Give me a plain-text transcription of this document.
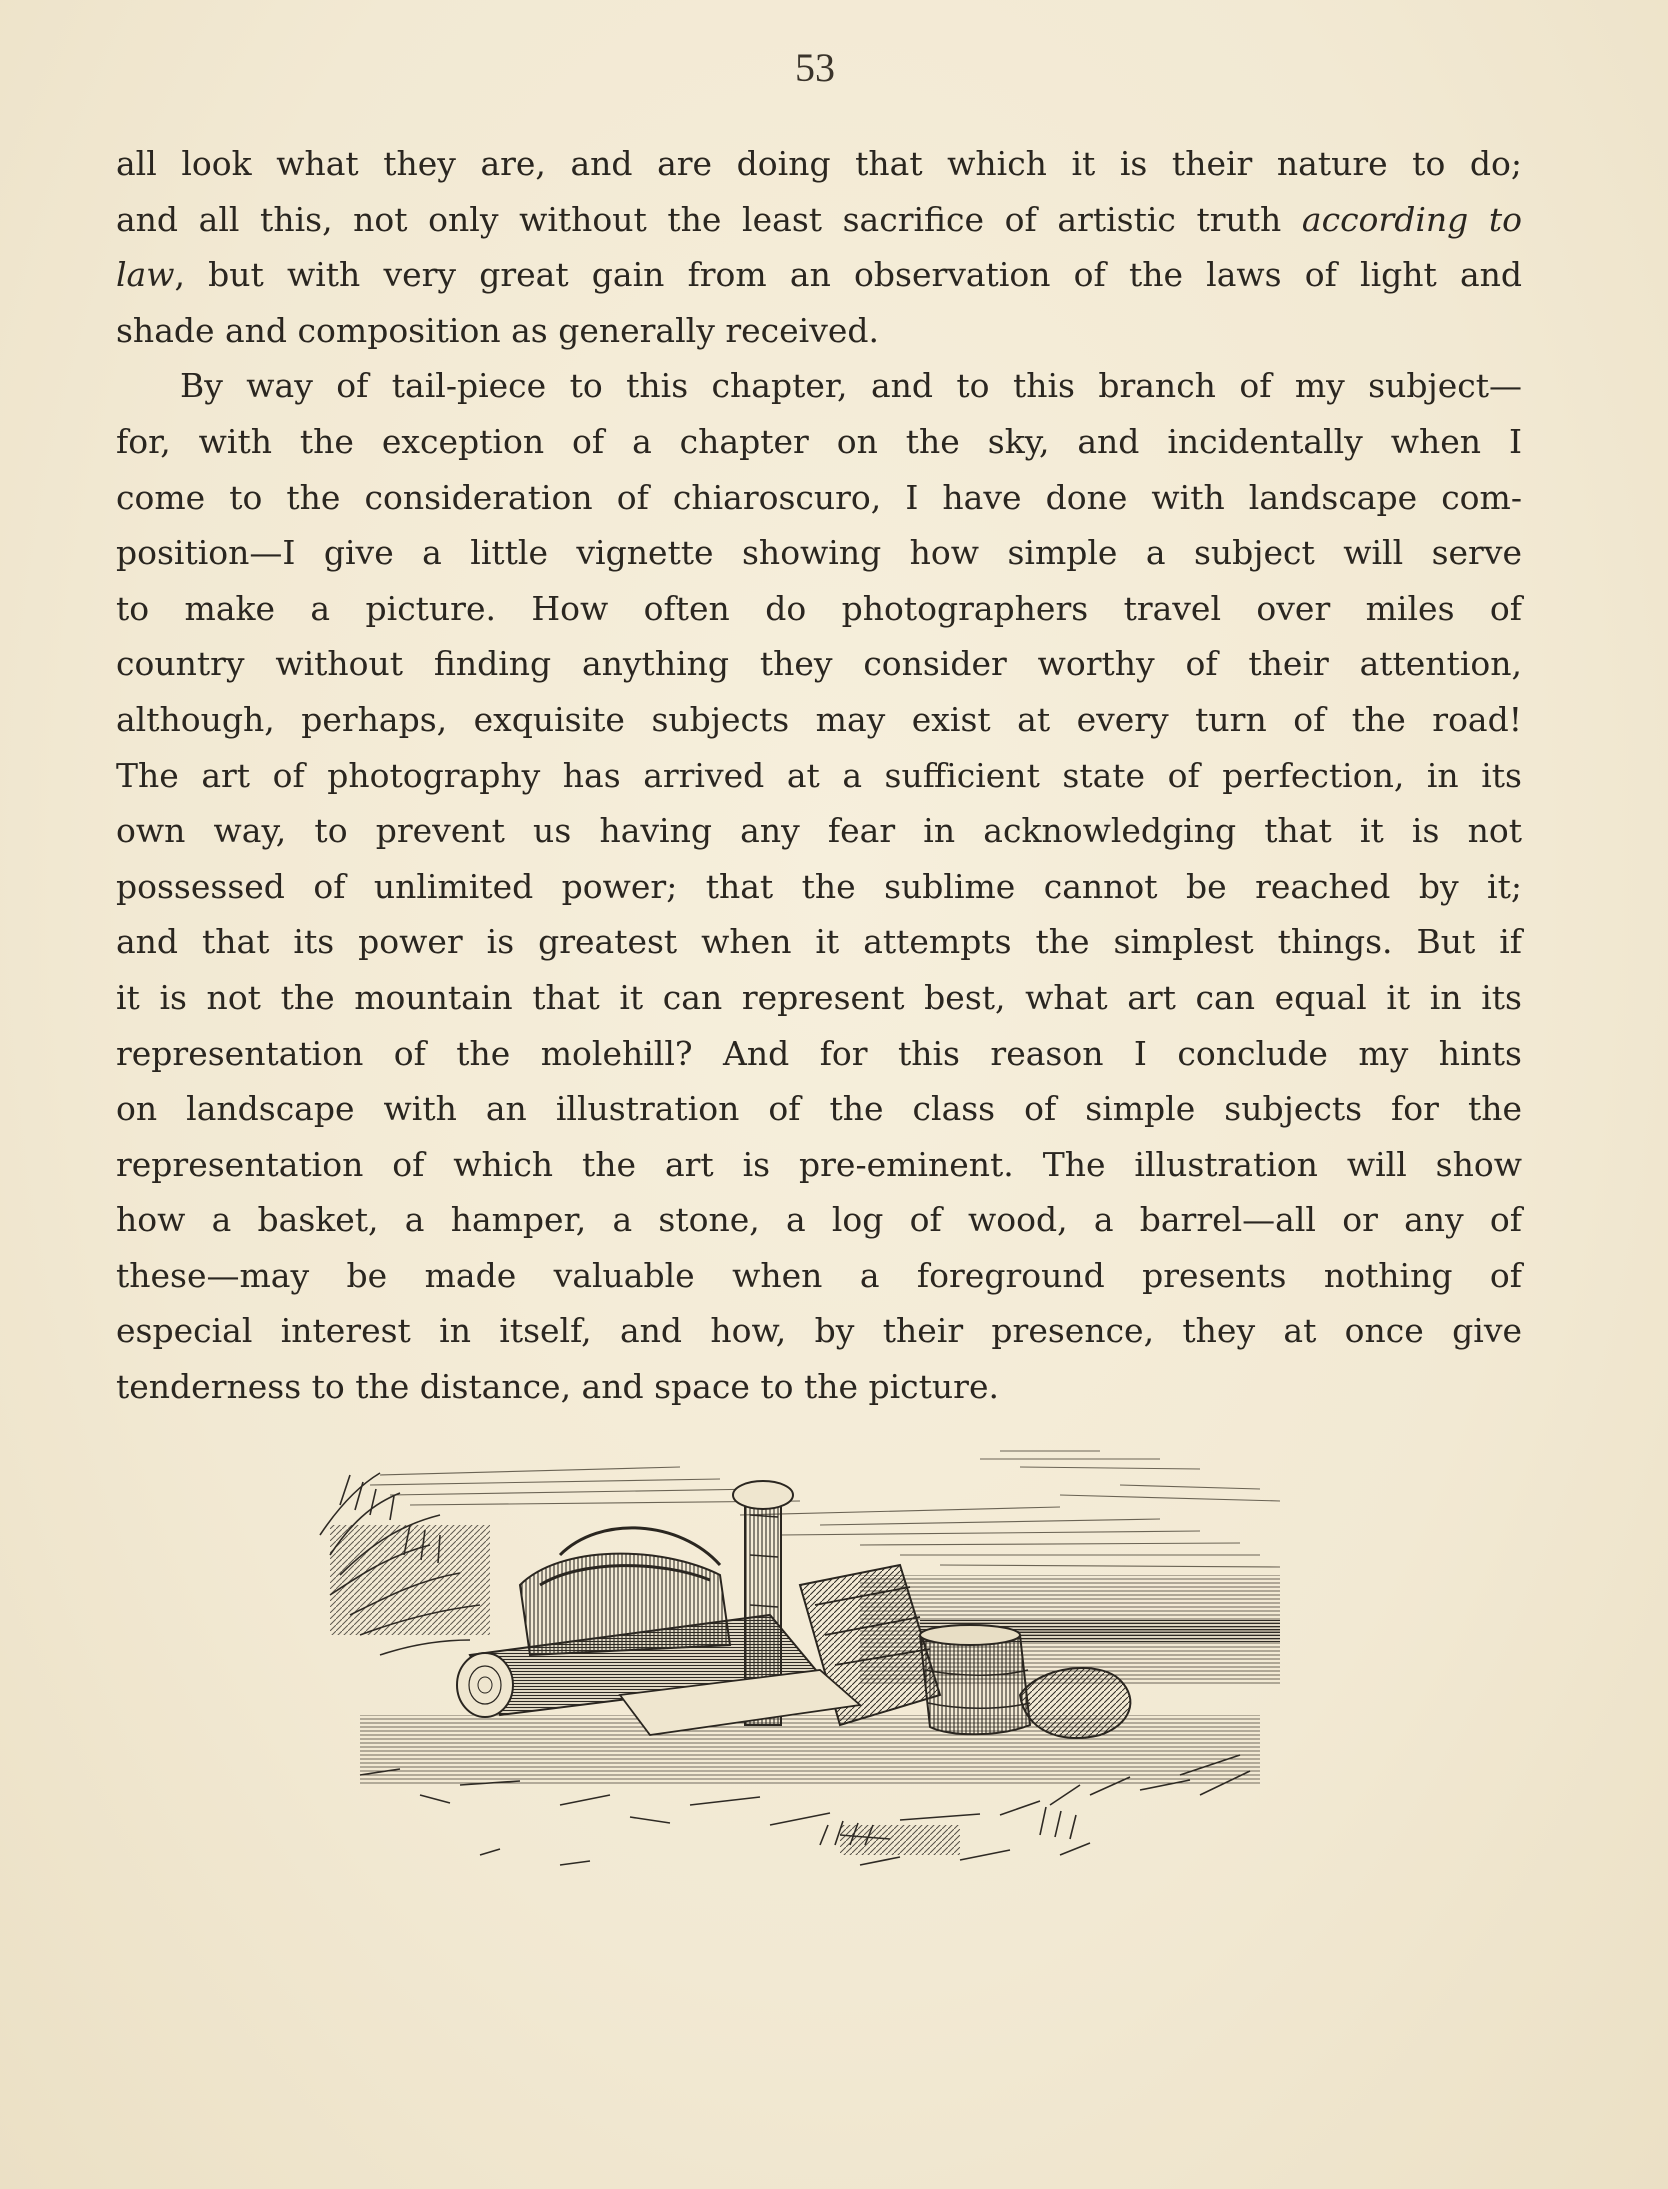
53
all look what they are, and are doing that which it is their nature to do;
and all this, not only without the least sacrifice of artistic truth according to
law, but with very great gain from an observation of the laws of light and
shade and composition as generally received.
By way of tail-piece to this chapter, and to this branch of my subject—
for, with the exception of a chapter on the sky, and incidentally when I
come to the consideration of chiaroscuro, I have done with landscape com-
position—I give a little vignette showing how simple a subject will serve
to make a picture. How often do photographers travel over miles of
country without finding anything they consider worthy of their attention,
although, perhaps, exquisite subjects may exist at every turn of the road!
The art of photography has arrived at a sufficient state of perfection, in its
own way, to prevent us having any fear in acknowledging that it is not
possessed of unlimited power; that the sublime cannot be reached by it;
and that its power is greatest when it attempts the simplest things. But if
it is not the mountain that it can represent best, what art can equal it in its
representation of the molehill? And for this reason I conclude my hints
on landscape with an illustration of the class of simple subjects for the
representation of which the art is pre-eminent. The illustration will show
how a basket, a hamper, a stone, a log of wood, a barrel—all or any of
these—may be made valuable when a foreground presents nothing of
especial interest in itself, and how, by their presence, they at once give
tenderness to the distance, and space to the picture.
